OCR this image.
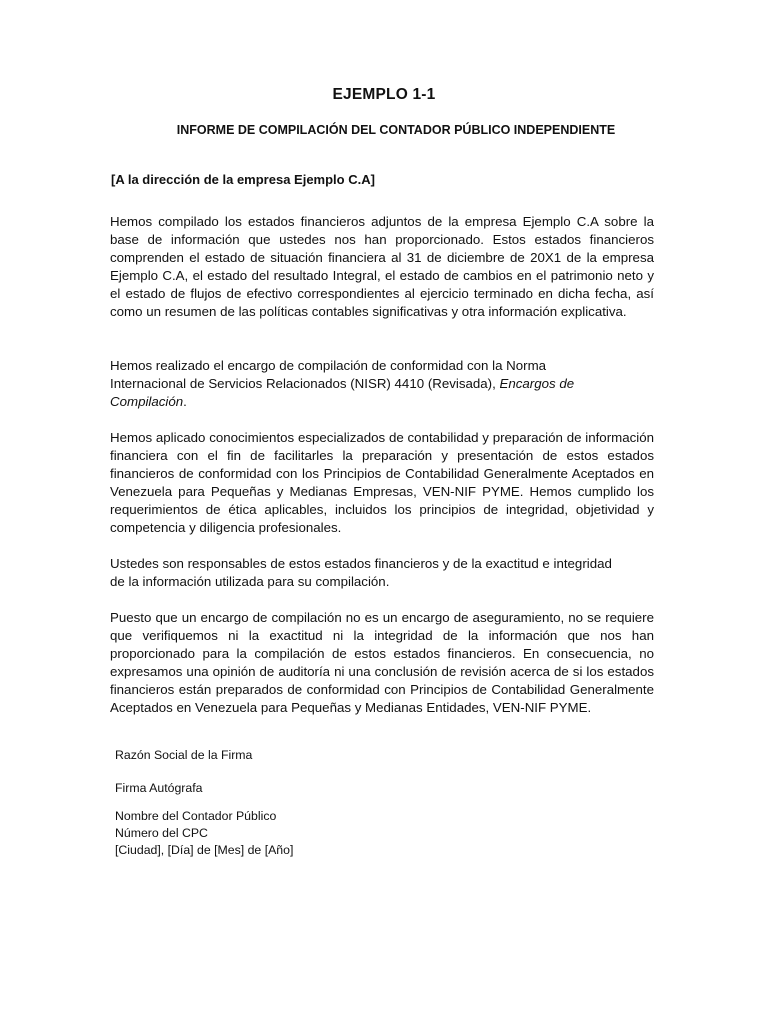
EJEMPLO 1-1
INFORME DE COMPILACIÓN DEL CONTADOR PÚBLICO INDEPENDIENTE
[A la dirección de la empresa Ejemplo C.A]

Hemos compilado los estados financieros adjuntos de la empresa Ejemplo C.A sobre la base de información que ustedes nos han proporcionado. Estos estados financieros comprenden el estado de situación financiera al 31 de diciembre de 20X1 de la empresa Ejemplo C.A, el estado del resultado Integral, el estado de cambios en el patrimonio neto y el estado de flujos de efectivo correspondientes al ejercicio terminado en dicha fecha, así como un resumen de las políticas contables significativas y otra información explicativa.

Hemos realizado el encargo de compilación de conformidad con la Norma
Internacional de Servicios Relacionados (NISR) 4410 (Revisada), Encargos de Compilación.

Hemos aplicado conocimientos especializados de contabilidad y preparación de información financiera con el fin de facilitarles la preparación y presentación de estos estados financieros de conformidad con los Principios de Contabilidad Generalmente Aceptados en Venezuela para Pequeñas y Medianas Empresas, VEN-NIF PYME. Hemos cumplido los requerimientos de ética aplicables, incluidos los principios de integridad, objetividad y competencia y diligencia profesionales.

Ustedes son responsables de estos estados financieros y de la exactitud e integridad
de la información utilizada para su compilación.

Puesto que un encargo de compilación no es un encargo de aseguramiento, no se requiere que verifiquemos ni la exactitud ni la integridad de la información que nos han proporcionado para la compilación de estos estados financieros. En consecuencia, no expresamos una opinión de auditoría ni una conclusión de revisión acerca de si los estados financieros están preparados de conformidad con Principios de Contabilidad Generalmente Aceptados en Venezuela para Pequeñas y Medianas Entidades, VEN-NIF PYME.

Razón Social de la Firma

Firma Autógrafa

Nombre del Contador Público

Número del CPC

[Ciudad], [Día] de [Mes] de [Año]
